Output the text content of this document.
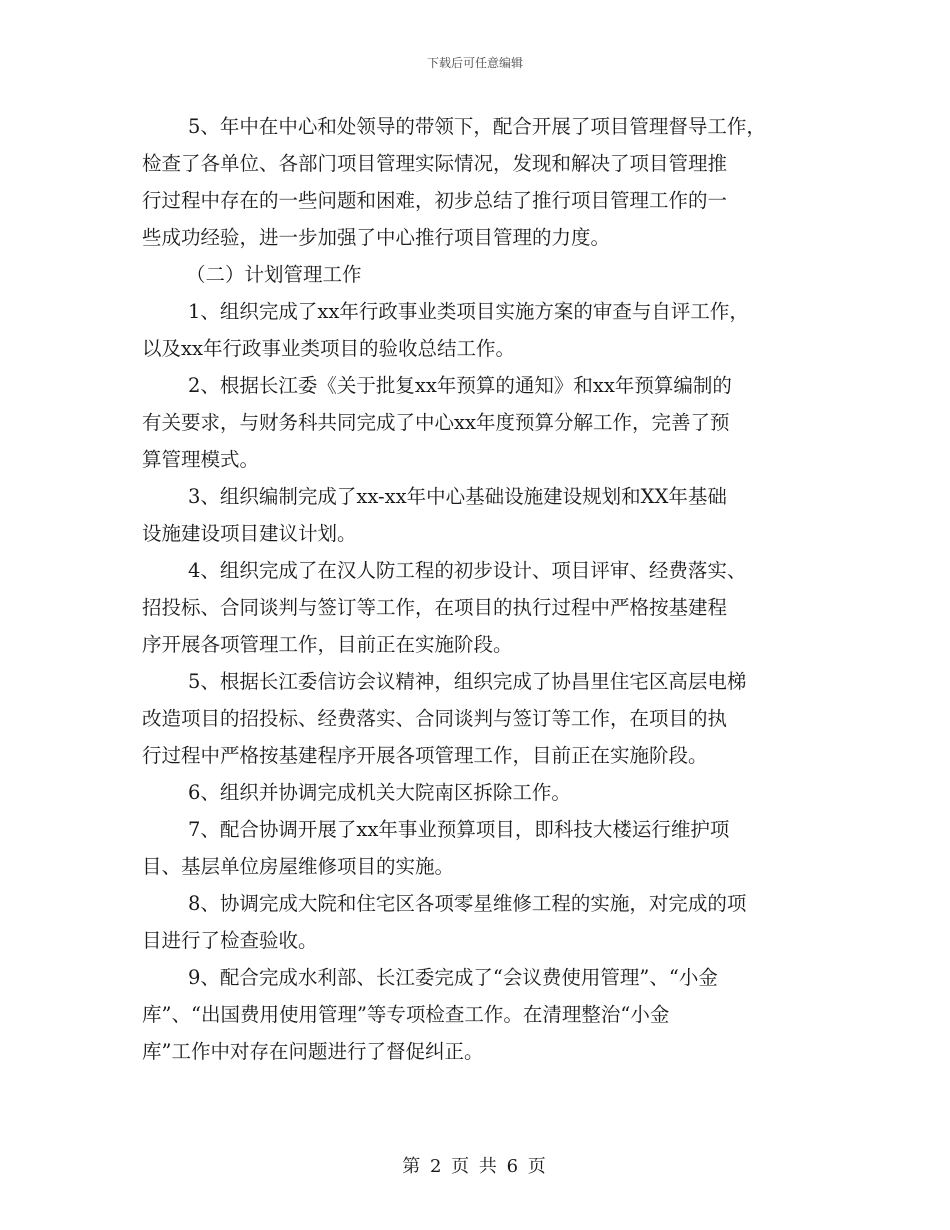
下载后可任意编辑
5、年中在中心和处领导的带领下，配合开展了项目管理督导工作，
检查了各单位、各部门项目管理实际情况，发现和解决了项目管理推
行过程中存在的一些问题和困难，初步总结了推行项目管理工作的一
些成功经验，进一步加强了中心推行项目管理的力度。
（二）计划管理工作
1、组织完成了xx年行政事业类项目实施方案的审查与自评工作，
以及xx年行政事业类项目的验收总结工作。
2、根据长江委《关于批复xx年预算的通知》和xx年预算编制的
有关要求，与财务科共同完成了中心xx年度预算分解工作，完善了预
算管理模式。
3、组织编制完成了xx-xx年中心基础设施建设规划和XX年基础
设施建设项目建议计划。
4、组织完成了在汉人防工程的初步设计、项目评审、经费落实、
招投标、合同谈判与签订等工作，在项目的执行过程中严格按基建程
序开展各项管理工作，目前正在实施阶段。
5、根据长江委信访会议精神，组织完成了协昌里住宅区高层电梯
改造项目的招投标、经费落实、合同谈判与签订等工作，在项目的执
行过程中严格按基建程序开展各项管理工作，目前正在实施阶段。
6、组织并协调完成机关大院南区拆除工作。
7、配合协调开展了xx年事业预算项目，即科技大楼运行维护项
目、基层单位房屋维修项目的实施。
8、协调完成大院和住宅区各项零星维修工程的实施，对完成的项
目进行了检查验收。
9、配合完成水利部、长江委完成了“会议费使用管理”、“小金
库”、“出国费用使用管理”等专项检查工作。在清理整治“小金
库”工作中对存在问题进行了督促纠正。
第 2 页 共 6 页
